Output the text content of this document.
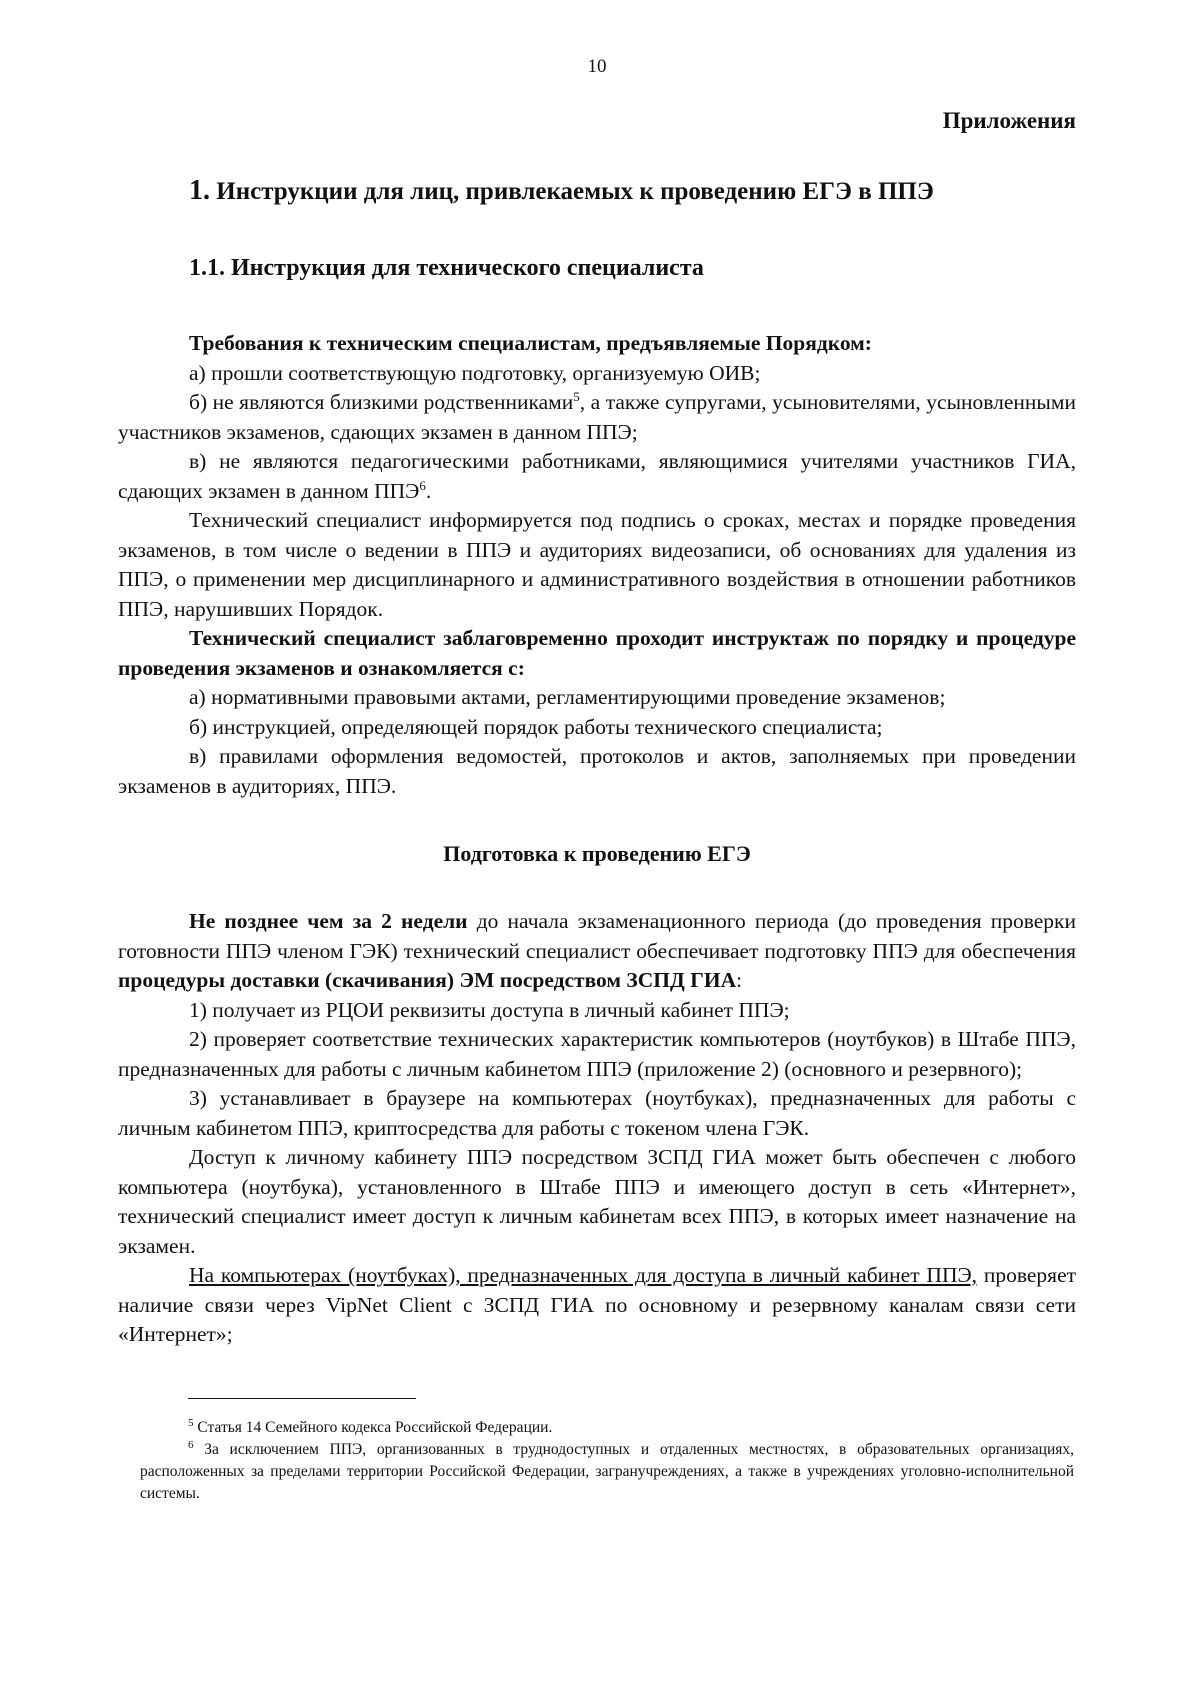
10
Приложения
1. Инструкции для лиц, привлекаемых к проведению ЕГЭ в ППЭ
1.1. Инструкция для технического специалиста
Требования к техническим специалистам, предъявляемые Порядком:

а) прошли соответствующую подготовку, организуемую ОИВ;

б) не являются близкими родственниками$^5$, а также супругами, усыновителями, усыновленными участников экзаменов, сдающих экзамен в данном ППЭ;

в) не являются педагогическими работниками, являющимися учителями участников ГИА, сдающих экзамен в данном ППЭ$^6$.

Технический специалист информируется под подпись о сроках, местах и порядке проведения экзаменов, в том числе о ведении в ППЭ и аудиториях видеозаписи, об основаниях для удаления из ППЭ, о применении мер дисциплинарного и административного воздействия в отношении работников ППЭ, нарушивших Порядок.

Технический специалист заблаговременно проходит инструктаж по порядку и процедуре проведения экзаменов и ознакомляется с:

а) нормативными правовыми актами, регламентирующими проведение экзаменов;

б) инструкцией, определяющей порядок работы технического специалиста;

в) правилами оформления ведомостей, протоколов и актов, заполняемых при проведении экзаменов в аудиториях, ППЭ.

Подготовка к проведению ЕГЭ

Не позднее чем за 2 недели до начала экзаменационного периода (до проведения проверки готовности ППЭ членом ГЭК) технический специалист обеспечивает подготовку ППЭ для обеспечения процедуры доставки (скачивания) ЭМ посредством ЗСПД ГИА:

1) получает из РЦОИ реквизиты доступа в личный кабинет ППЭ;

2) проверяет соответствие технических характеристик компьютеров (ноутбуков) в Штабе ППЭ, предназначенных для работы с личным кабинетом ППЭ (приложение 2) (основного и резервного);

3) устанавливает в браузере на компьютерах (ноутбуках), предназначенных для работы с личным кабинетом ППЭ, криптосредства для работы с токеном члена ГЭК.

Доступ к личному кабинету ППЭ посредством ЗСПД ГИА может быть обеспечен с любого компьютера (ноутбука), установленного в Штабе ППЭ и имеющего доступ в сеть «Интернет», технический специалист имеет доступ к личным кабинетам всех ППЭ, в которых имеет назначение на экзамен.

На компьютерах (ноутбуках), предназначенных для доступа в личный кабинет ППЭ, проверяет наличие связи через VipNet Client с ЗСПД ГИА по основному и резервному каналам связи сети «Интернет»;

$^5$ Статья 14 Семейного кодекса Российской Федерации.

$^6$ За исключением ППЭ, организованных в труднодоступных и отдаленных местностях, в образовательных организациях, расположенных за пределами территории Российской Федерации, загранучреждениях, а также в учреждениях уголовно-исполнительной системы.
